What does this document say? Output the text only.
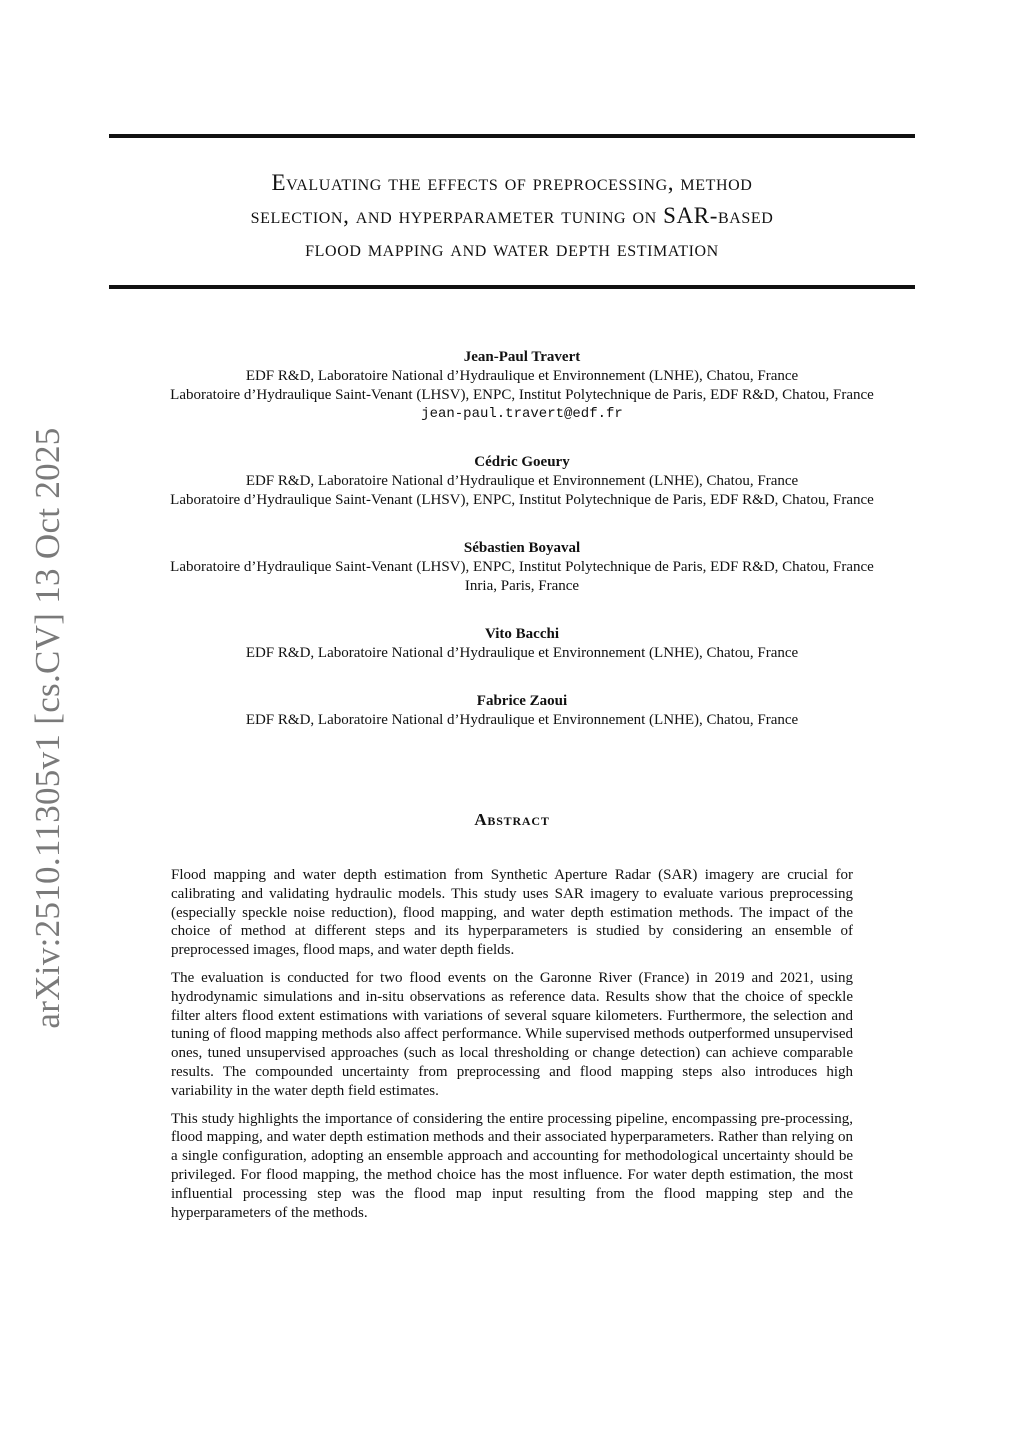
arXiv:2510.11305v1 [cs.CV] 13 Oct 2025
Evaluating the effects of preprocessing, method
selection, and hyperparameter tuning on SAR-based
flood mapping and water depth estimation
Jean-Paul Travert
EDF R&D, Laboratoire National d’Hydraulique et Environnement (LNHE), Chatou, France
Laboratoire d’Hydraulique Saint-Venant (LHSV), ENPC, Institut Polytechnique de Paris, EDF R&D, Chatou, France
jean-paul.travert@edf.fr
Cédric Goeury
EDF R&D, Laboratoire National d’Hydraulique et Environnement (LNHE), Chatou, France
Laboratoire d’Hydraulique Saint-Venant (LHSV), ENPC, Institut Polytechnique de Paris, EDF R&D, Chatou, France
Sébastien Boyaval
Laboratoire d’Hydraulique Saint-Venant (LHSV), ENPC, Institut Polytechnique de Paris, EDF R&D, Chatou, France
Inria, Paris, France
Vito Bacchi
EDF R&D, Laboratoire National d’Hydraulique et Environnement (LNHE), Chatou, France
Fabrice Zaoui
EDF R&D, Laboratoire National d’Hydraulique et Environnement (LNHE), Chatou, France
Abstract

Flood mapping and water depth estimation from Synthetic Aperture Radar (SAR) imagery are crucial for calibrating and validating hydraulic models. This study uses SAR imagery to evaluate various preprocessing (especially speckle noise reduction), flood mapping, and water depth estimation methods. The impact of the choice of method at different steps and its hyperparameters is studied by considering an ensemble of preprocessed images, flood maps, and water depth fields.

The evaluation is conducted for two flood events on the Garonne River (France) in 2019 and 2021, using hydrodynamic simulations and in-situ observations as reference data. Results show that the choice of speckle filter alters flood extent estimations with variations of several square kilometers. Furthermore, the selection and tuning of flood mapping methods also affect performance. While supervised methods outperformed unsupervised ones, tuned unsupervised approaches (such as local thresholding or change detection) can achieve comparable results. The compounded uncertainty from preprocessing and flood mapping steps also introduces high variability in the water depth field estimates.

This study highlights the importance of considering the entire processing pipeline, encompassing pre-processing, flood mapping, and water depth estimation methods and their associated hyperparameters. Rather than relying on a single configuration, adopting an ensemble approach and accounting for methodological uncertainty should be privileged. For flood mapping, the method choice has the most influence. For water depth estimation, the most influential processing step was the flood map input resulting from the flood mapping step and the hyperparameters of the methods.
